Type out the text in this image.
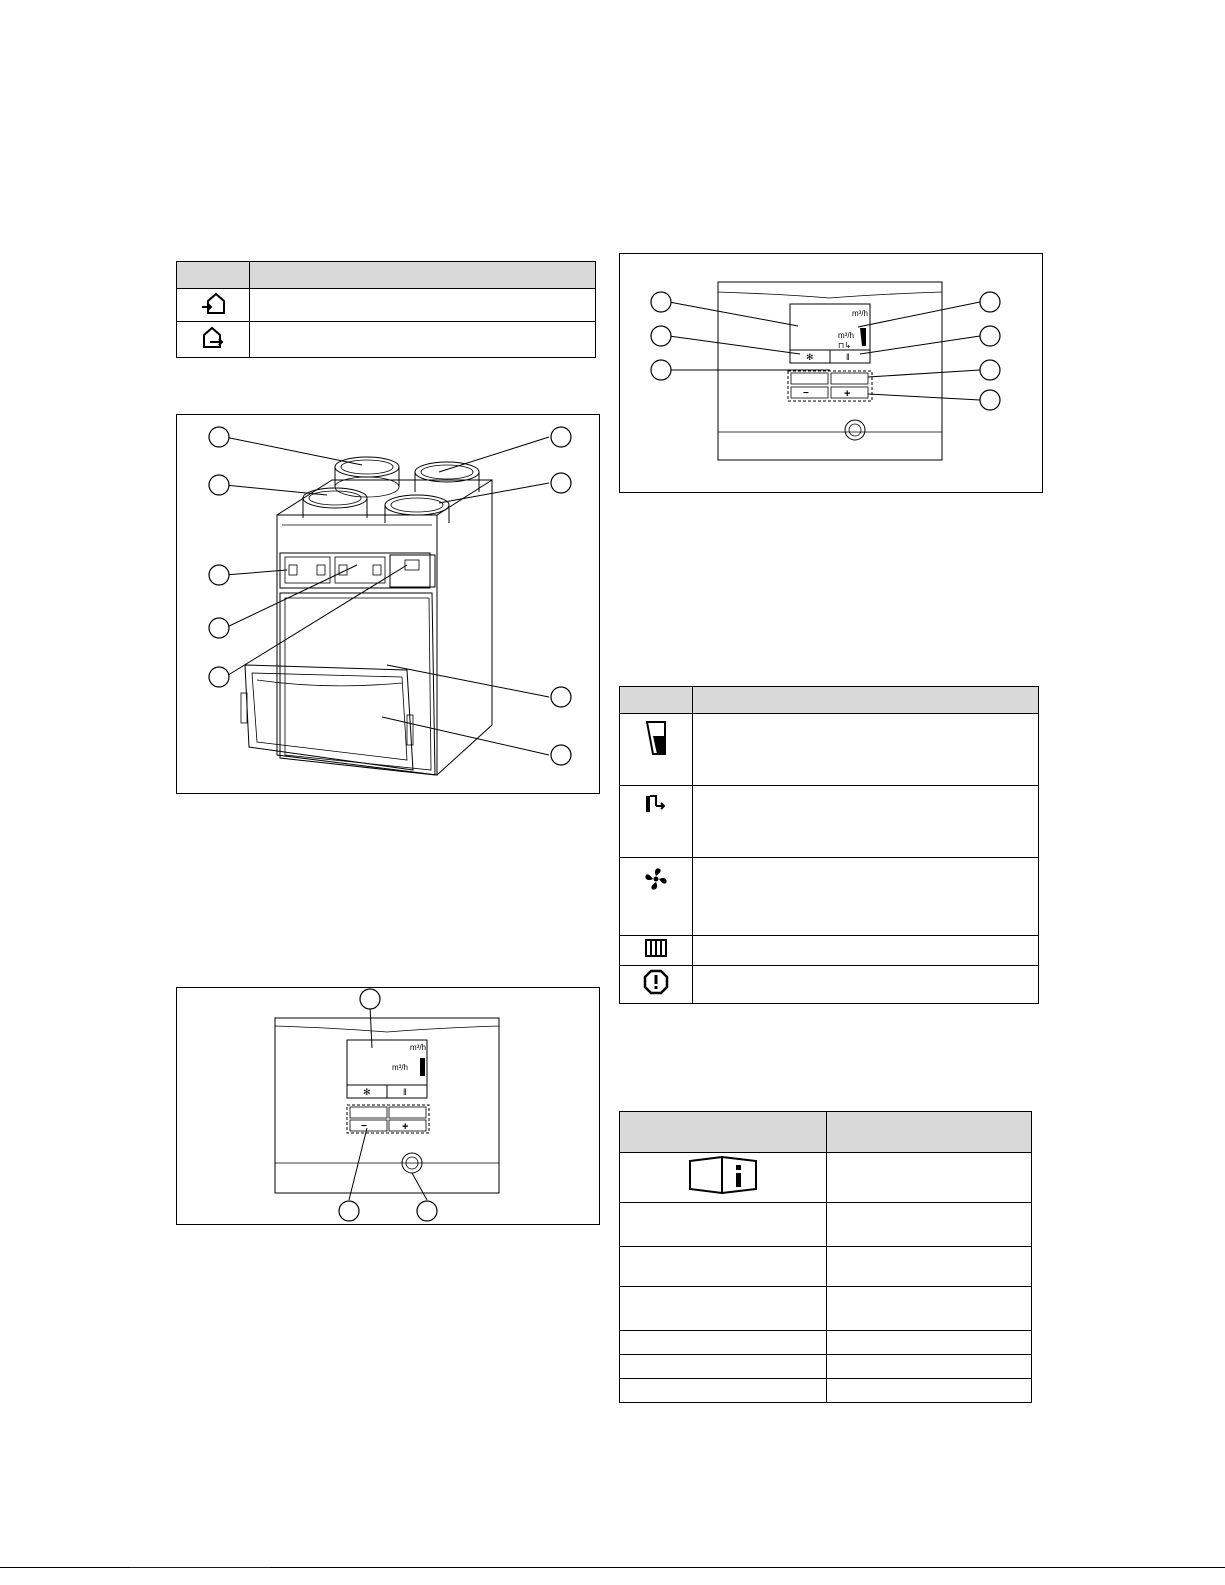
m³/h
m³/h
✻	‖
−	+
m³/h
m³/h
⊓↳
✻	‖
−	+
